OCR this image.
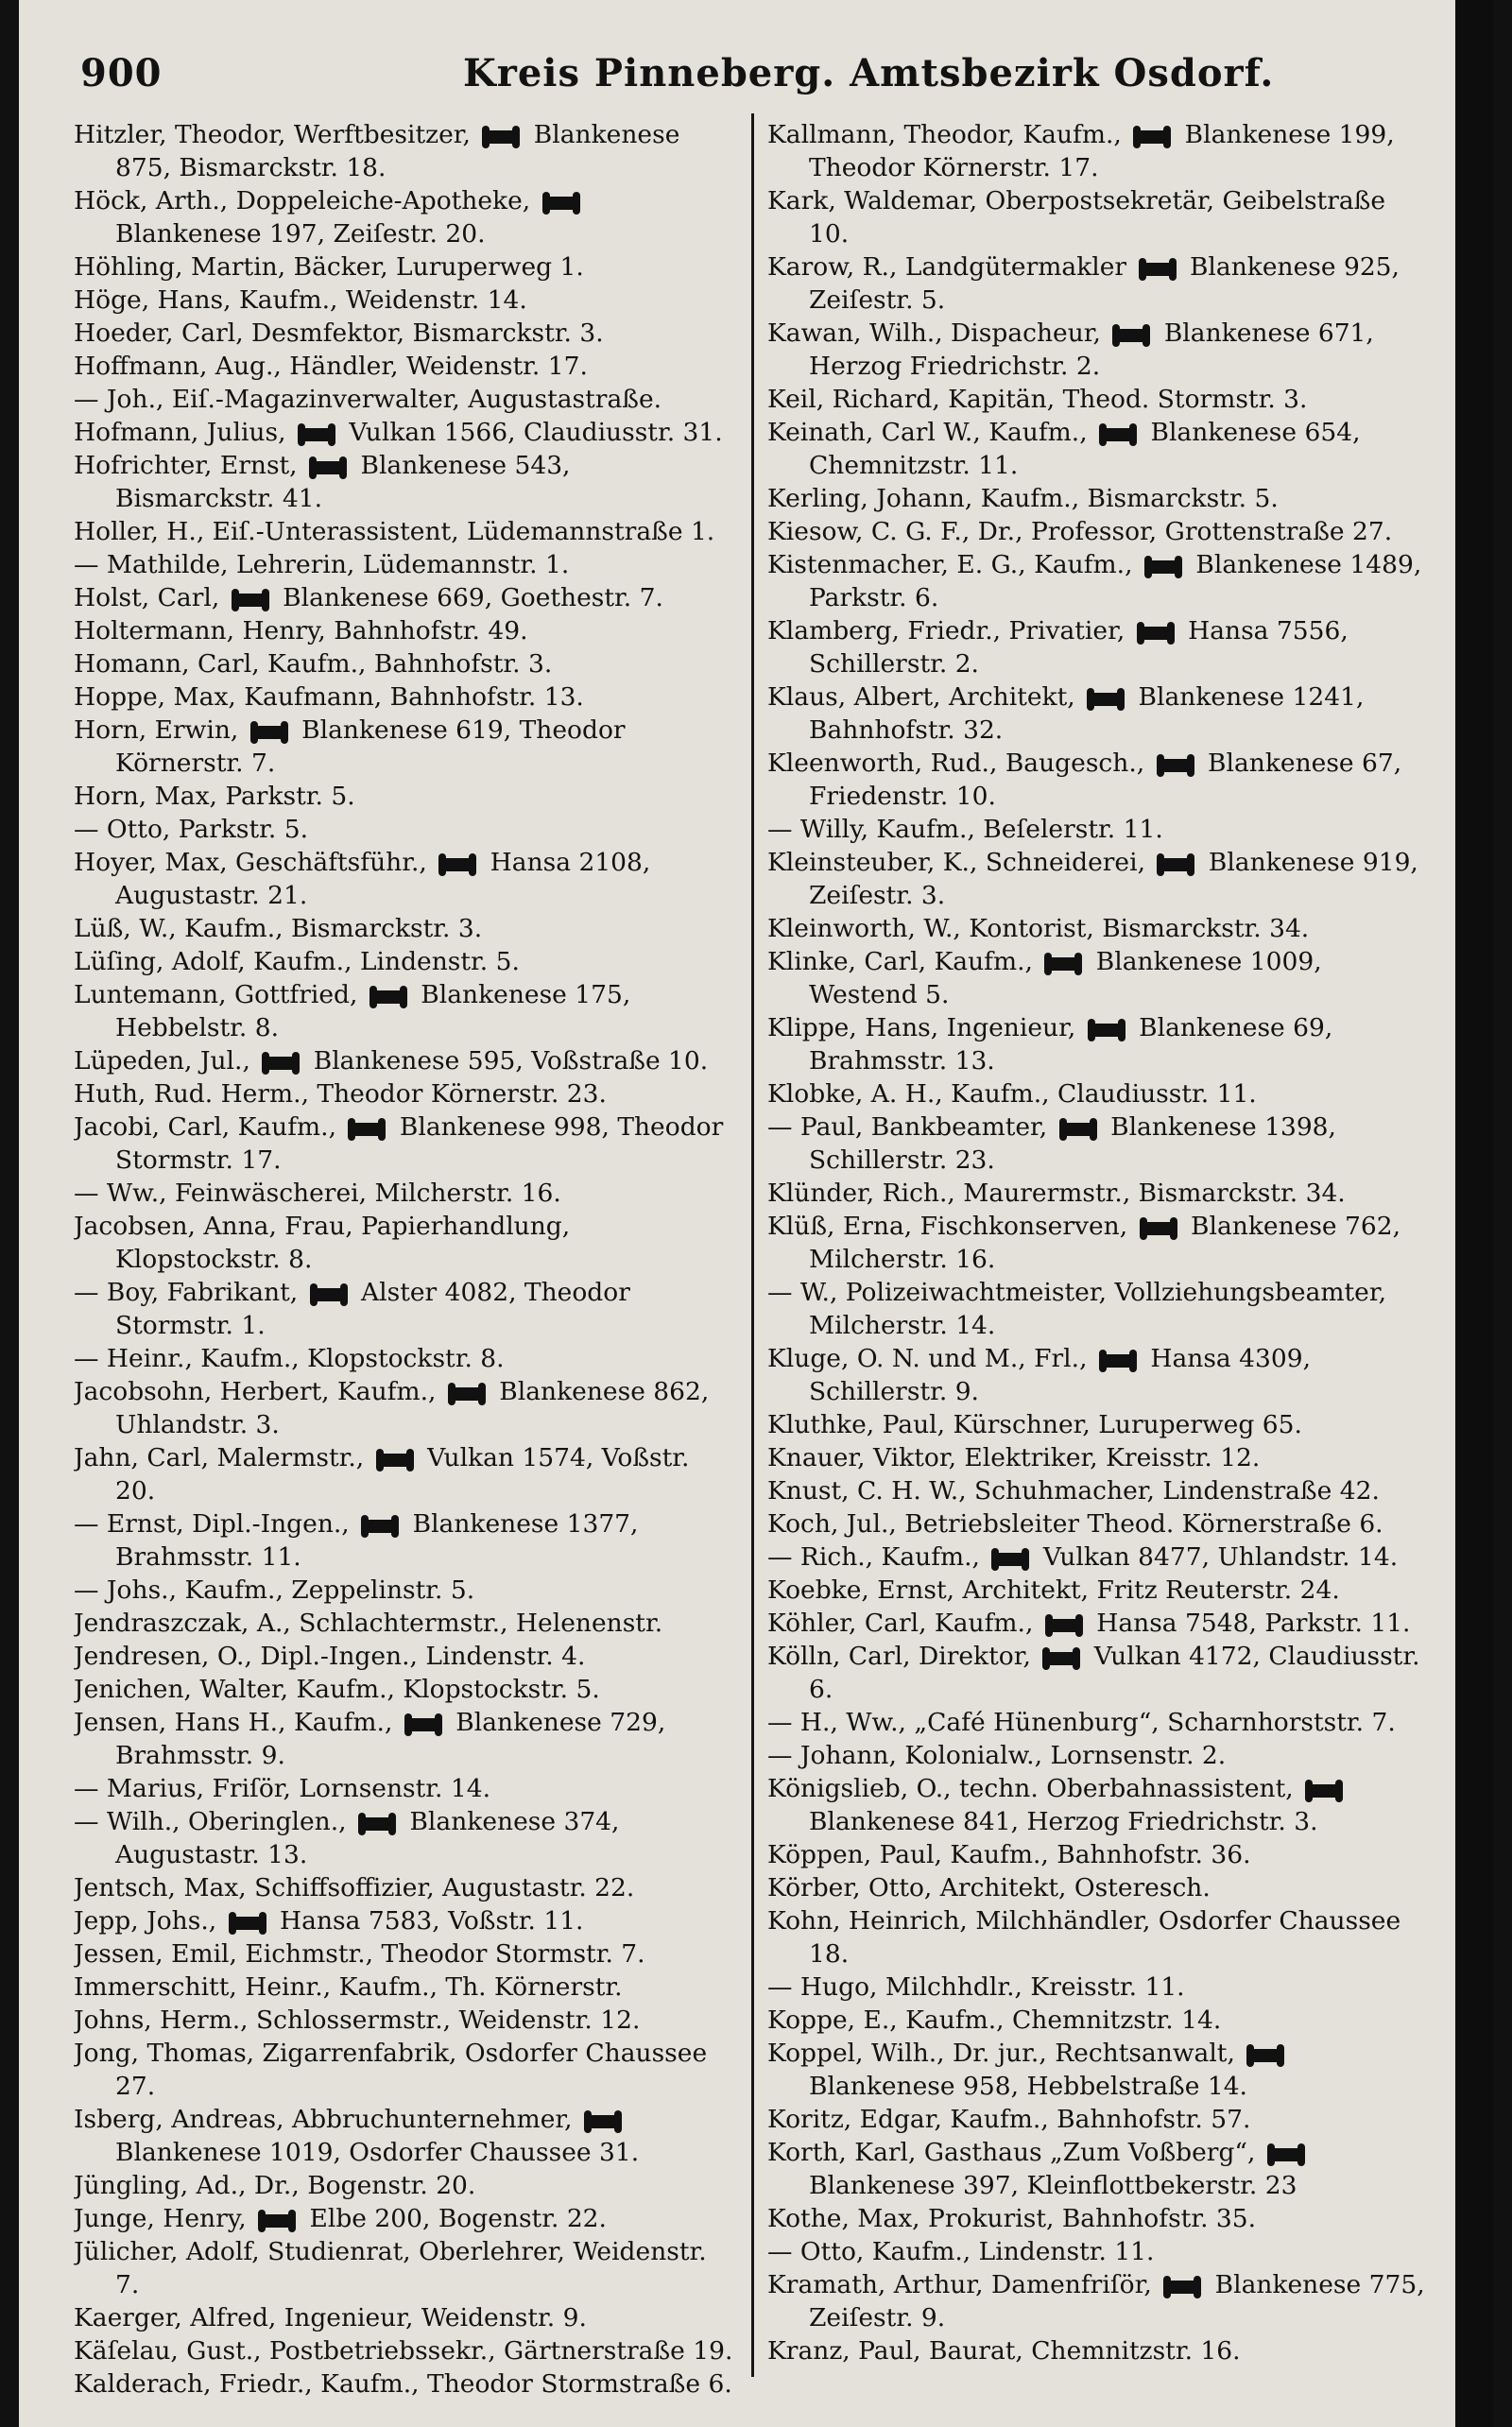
900	Kreis Pinneberg. Amtsbezirk Osdorf.
Hitzler, Theodor, Werftbesitzer,  Blankenese 875, Bismarckstr. 18.
Höck, Arth., Doppeleiche-Apotheke,  Blankenese 197, Zeiſestr. 20.
Höhling, Martin, Bäcker, Luruperweg 1.
Höge, Hans, Kaufm., Weidenstr. 14.
Hoeder, Carl, Desmfektor, Bismarckstr. 3.
Hoffmann, Aug., Händler, Weidenstr. 17.
— Joh., Eiſ.-Magazinverwalter, Augustastraße.
Hofmann, Julius,  Vulkan 1566, Claudiusstr. 31.
Hofrichter, Ernst,  Blankenese 543, Bismarckstr. 41.
Holler, H., Eiſ.-Unterassistent, Lüdemannstraße 1.
— Mathilde, Lehrerin, Lüdemannstr. 1.
Holst, Carl,  Blankenese 669, Goethestr. 7.
Holtermann, Henry, Bahnhofstr. 49.
Homann, Carl, Kaufm., Bahnhofstr. 3.
Hoppe, Max, Kaufmann, Bahnhofstr. 13.
Horn, Erwin,  Blankenese 619, Theodor Körnerstr. 7.
Horn, Max, Parkstr. 5.
— Otto, Parkstr. 5.
Hoyer, Max, Geschäftsführ.,  Hansa 2108, Augustastr. 21.
Lüß, W., Kaufm., Bismarckstr. 3.
Lüſing, Adolf, Kaufm., Lindenstr. 5.
Luntemann, Gottfried,  Blankenese 175, Hebbelstr. 8.
Lüpeden, Jul.,  Blankenese 595, Voßstraße 10.
Huth, Rud. Herm., Theodor Körnerstr. 23.
Jacobi, Carl, Kaufm.,  Blankenese 998, Theodor Stormstr. 17.
— Ww., Feinwäscherei, Milcherstr. 16.
Jacobsen, Anna, Frau, Papierhandlung, Klopstockstr. 8.
— Boy, Fabrikant,  Alster 4082, Theodor Stormstr. 1.
— Heinr., Kaufm., Klopstockstr. 8.
Jacobsohn, Herbert, Kaufm.,  Blankenese 862, Uhlandstr. 3.
Jahn, Carl, Malermstr.,  Vulkan 1574, Voßstr. 20.
— Ernst, Dipl.-Ingen.,  Blankenese 1377, Brahmsstr. 11.
— Johs., Kaufm., Zeppelinstr. 5.
Jendraszczak, A., Schlachtermstr., Helenenstr.
Jendresen, O., Dipl.-Ingen., Lindenstr. 4.
Jenichen, Walter, Kaufm., Klopstockstr. 5.
Jensen, Hans H., Kaufm.,  Blankenese 729, Brahmsstr. 9.
— Marius, Friſör, Lornsenstr. 14.
— Wilh., Oberinglen.,  Blankenese 374, Augustastr. 13.
Jentsch, Max, Schiffsoffizier, Augustastr. 22.
Jepp, Johs.,  Hansa 7583, Voßstr. 11.
Jessen, Emil, Eichmstr., Theodor Stormstr. 7.
Immerschitt, Heinr., Kaufm., Th. Körnerstr.
Johns, Herm., Schlossermstr., Weidenstr. 12.
Jong, Thomas, Zigarrenfabrik, Osdorfer Chaussee 27.
Isberg, Andreas, Abbruchunternehmer,  Blankenese 1019, Osdorfer Chaussee 31.
Jüngling, Ad., Dr., Bogenstr. 20.
Junge, Henry,  Elbe 200, Bogenstr. 22.
Jülicher, Adolf, Studienrat, Oberlehrer, Weidenstr. 7.
Kaerger, Alfred, Ingenieur, Weidenstr. 9.
Käſelau, Gust., Postbetriebssekr., Gärtnerstraße 19.
Kalderach, Friedr., Kaufm., Theodor Stormstraße 6.
Kallmann, Theodor, Kaufm.,  Blankenese 199, Theodor Körnerstr. 17.
Kark, Waldemar, Oberpostsekretär, Geibelstraße 10.
Karow, R., Landgütermakler  Blankenese 925, Zeiſestr. 5.
Kawan, Wilh., Dispacheur,  Blankenese 671, Herzog Friedrichstr. 2.
Keil, Richard, Kapitän, Theod. Stormstr. 3.
Keinath, Carl W., Kaufm.,  Blankenese 654, Chemnitzstr. 11.
Kerling, Johann, Kaufm., Bismarckstr. 5.
Kiesow, C. G. F., Dr., Professor, Grottenstraße 27.
Kistenmacher, E. G., Kaufm.,  Blankenese 1489, Parkstr. 6.
Klamberg, Friedr., Privatier,  Hansa 7556, Schillerstr. 2.
Klaus, Albert, Architekt,  Blankenese 1241, Bahnhofstr. 32.
Kleenworth, Rud., Baugesch.,  Blankenese 67, Friedenstr. 10.
— Willy, Kaufm., Beſelerstr. 11.
Kleinsteuber, K., Schneiderei,  Blankenese 919, Zeiſestr. 3.
Kleinworth, W., Kontorist, Bismarckstr. 34.
Klinke, Carl, Kaufm.,  Blankenese 1009, Westend 5.
Klippe, Hans, Ingenieur,  Blankenese 69, Brahmsstr. 13.
Klobke, A. H., Kaufm., Claudiusstr. 11.
— Paul, Bankbeamter,  Blankenese 1398, Schillerstr. 23.
Klünder, Rich., Maurermstr., Bismarckstr. 34.
Klüß, Erna, Fischkonserven,  Blankenese 762, Milcherstr. 16.
— W., Polizeiwachtmeister, Vollziehungsbeamter, Milcherstr. 14.
Kluge, O. N. und M., Frl.,  Hansa 4309, Schillerstr. 9.
Kluthke, Paul, Kürschner, Luruperweg 65.
Knauer, Viktor, Elektriker, Kreisstr. 12.
Knust, C. H. W., Schuhmacher, Lindenstraße 42.
Koch, Jul., Betriebsleiter Theod. Körnerstraße 6.
— Rich., Kaufm.,  Vulkan 8477, Uhlandstr. 14.
Koebke, Ernst, Architekt, Fritz Reuterstr. 24.
Köhler, Carl, Kaufm.,  Hansa 7548, Parkstr. 11.
Kölln, Carl, Direktor,  Vulkan 4172, Claudiusstr. 6.
— H., Ww., „Café Hünenburg“, Scharnhorststr. 7.
— Johann, Kolonialw., Lornsenstr. 2.
Königslieb, O., techn. Oberbahnassistent,  Blankenese 841, Herzog Friedrichstr. 3.
Köppen, Paul, Kaufm., Bahnhofstr. 36.
Körber, Otto, Architekt, Osteresch.
Kohn, Heinrich, Milchhändler, Osdorfer Chaussee 18.
— Hugo, Milchhdlr., Kreisstr. 11.
Koppe, E., Kaufm., Chemnitzstr. 14.
Koppel, Wilh., Dr. jur., Rechtsanwalt,  Blankenese 958, Hebbelstraße 14.
Koritz, Edgar, Kaufm., Bahnhofstr. 57.
Korth, Karl, Gasthaus „Zum Voßberg“,  Blankenese 397, Kleinflottbekerstr. 23
Kothe, Max, Prokurist, Bahnhofstr. 35.
— Otto, Kaufm., Lindenstr. 11.
Kramath, Arthur, Damenfriſör,  Blankenese 775, Zeiſestr. 9.
Kranz, Paul, Baurat, Chemnitzstr. 16.
